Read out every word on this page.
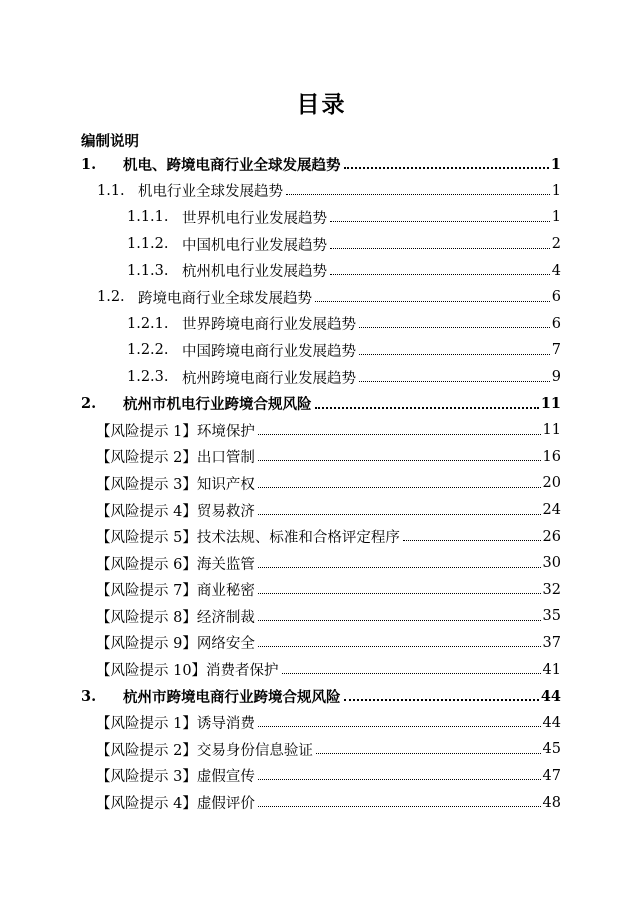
目录
编制说明
1.	机电、跨境电商行业全球发展趋势	1
1.1. 机电行业全球发展趋势	1
1.1.1. 世界机电行业发展趋势	1
1.1.2. 中国机电行业发展趋势	2
1.1.3. 杭州机电行业发展趋势	4
1.2. 跨境电商行业全球发展趋势	6
1.2.1. 世界跨境电商行业发展趋势	6
1.2.2. 中国跨境电商行业发展趋势	7
1.2.3. 杭州跨境电商行业发展趋势	9
2.	杭州市机电行业跨境合规风险	11
【风险提示 1】环境保护	11
【风险提示 2】出口管制	16
【风险提示 3】知识产权	20
【风险提示 4】贸易救济	24
【风险提示 5】技术法规、标准和合格评定程序	26
【风险提示 6】海关监管	30
【风险提示 7】商业秘密	32
【风险提示 8】经济制裁	35
【风险提示 9】网络安全	37
【风险提示 10】消费者保护	41
3.	杭州市跨境电商行业跨境合规风险	44
【风险提示 1】诱导消费	44
【风险提示 2】交易身份信息验证	45
【风险提示 3】虚假宣传	47
【风险提示 4】虚假评价	48
